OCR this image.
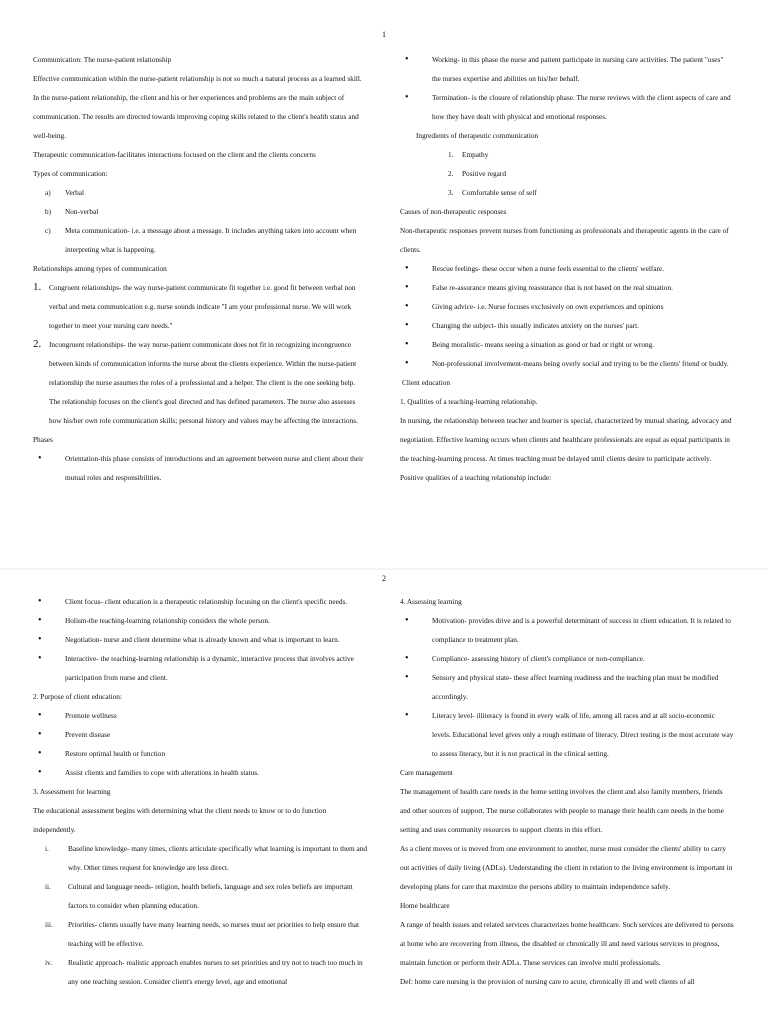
1

Communication: The nurse-patient relationship

Effective communication within the nurse-patient relationship is not so much a natural process as a learned skill. In the nurse-patient relationship, the client and his or her experiences and problems are the main subject of communication. The results are directed towards improving coping skills related to the client's health status and well-being.

Therapeutic communication-facilitates interactions focused on the client and the clients concerns

Types of communication:

a) Verbal
b) Non-verbal
c) Meta communication- i.e. a message about a message. It includes anything taken into account when interpreting what is happening.

Relationships among types of communication

1. Congruent relationships- the way nurse-patient communicate fit together i.e. good fit between verbal non verbal and meta communication e.g. nurse sounds indicate "I am your professional nurse. We will work together to meet your nursing care needs."
2. Incongruent relationships- the way nurse-patient communicate does not fit in recognizing incongruence between kinds of communication informs the nurse about the clients experience. Within the nurse-patient relationship the nurse assumes the roles of a professional and a helper. The client is the one seeking help. The relationship focuses on the client's goal directed and has defined parameters. The nurse also assesses how his/her own role communication skills; personal history and values may be affecting the interactions.

Phases

• Orientation-this phase consists of introductions and an agreement between nurse and client about their mutual roles and responsibilities.
• Working- in this phase the nurse and patient participate in nursing care activities. The patient "uses" the nurses expertise and abilities on his/her behalf.
• Termination- is the closure of relationship phase. The nurse reviews with the client aspects of care and how they have dealt with physical and emotional responses.

Ingredients of therapeutic communication

1. Empathy
2. Positive regard
3. Comfortable sense of self

Causes of non-therapeutic responses

Non-therapeutic responses prevent nurses from functioning as professionals and therapeutic agents in the care of clients.

• Rescue feelings- these occur when a nurse feels essential to the clients' welfare.
• False re-assurance means giving reassurance that is not based on the real situation.
• Giving advice- i.e. Nurse focuses exclusively on own experiences and opinions
• Changing the subject- this usually indicates anxiety on the nurses' part.
• Being moralistic- means seeing a situation as good or bad or right or wrong.
• Non-professional involvement-means being overly social and trying to be the clients' friend or buddy.

Client education

1. Qualities of a teaching-learning relationship.

In nursing, the relationship between teacher and learner is special, characterized by mutual sharing, advocacy and negotiation. Effective learning occurs when clients and healthcare professionals are equal as equal participants in the teaching-learning process. At times teaching must be delayed until clients desire to participate actively. Positive qualities of a teaching relationship include:

2
• Client focus- client education is a therapeutic relationship focusing on the client's specific needs.
• Holism-the teaching-learning relationship considers the whole person.
• Negotiation- nurse and client determine what is already known and what is important to learn.
• Interactive- the teaching-learning relationship is a dynamic, interactive process that involves active participation from nurse and client.

2. Purpose of client education:

• Promote wellness
• Prevent disease
• Restore optimal health or function
• Assist clients and families to cope with alterations in health status.

3. Assessment for learning

The educational assessment begins with determining what the client needs to know or to do function independently.

i.	Baseline knowledge- many times, clients articulate specifically what learning is important to them and why. Other times request for knowledge are less direct.
ii. Cultural and language needs- religion, health beliefs, language and sex roles beliefs are important factors to consider when planning education.
iii. Priorities- clients usually have many learning needs, so nurses must set priorities to help ensure that teaching will be effective.
iv. Realistic approach- realistic approach enables nurses to set priorities and try not to teach too much in any one teaching session. Consider client's energy level, age and emotional

4. Assessing learning

• Motivation- provides drive and is a powerful determinant of success in client education. It is related to compliance to treatment plan.
• Compliance- assessing history of client's compliance or non-compliance.
• Sensory and physical state- these affect learning readiness and the teaching plan must be modified accordingly.
• Literacy level- illiteracy is found in every walk of life, among all races and at all socio-economic levels. Educational level gives only a rough estimate of literacy. Direct testing is the most accurate way to assess literacy, but it is not practical in the clinical setting.

Care management

The management of health care needs in the home setting involves the client and also family members, friends and other sources of support. The nurse collaborates with people to manage their health care needs in the home setting and uses community resources to support clients in this effort.

As a client moves or is moved from one environment to another, nurse must consider the clients' ability to carry out activities of daily living (ADLs). Understanding the client in relation to the living environment is important in developing plans for care that maximize the persons ability to maintain independence safely.

Home healthcare

A range of health issues and related services characterizes home healthcare. Such services are delivered to persons at home who are recovering from illness, the disabled or chronically ill and need various services to progress, maintain function or perform their ADLs. These services can involve multi professionals.

Def: home care nursing is the provision of nursing care to acute, chronically ill and well clients of all
